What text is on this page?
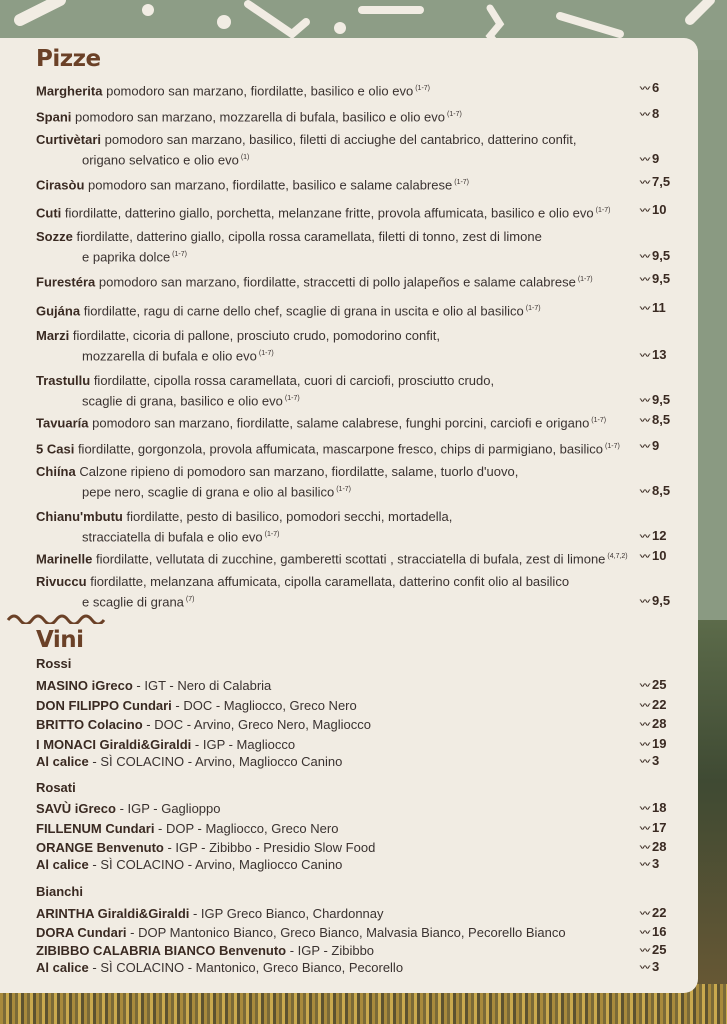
Pizze
Margherita pomodoro san marzano, fiordilatte, basilico e olio evo $^{(1-7)}$	〰 6
Spani pomodoro san marzano, mozzarella di bufala, basilico e olio evo $^{(1-7)}$	〰 8
Curtivètari pomodoro san marzano, basilico, filetti di acciughe del cantabrico, datterino confit,
origano selvatico e olio evo $^{(1)}$	〰 9
Cirasòu pomodoro san marzano, fiordilatte, basilico e salame calabrese $^{(1-7)}$	〰 7,5
Cuti fiordilatte, datterino giallo, porchetta, melanzane fritte, provola affumicata, basilico e olio evo $^{(1-7)}$	〰 10
Sozze fiordilatte, datterino giallo, cipolla rossa caramellata, filetti di tonno, zest di limone
e paprika dolce $^{(1-7)}$	〰 9,5
Furestéra pomodoro san marzano, fiordilatte, straccetti di pollo jalapeños e salame calabrese $^{(1-7)}$	〰 9,5
Gujána fiordilatte, ragu di carne dello chef, scaglie di grana in uscita e olio al basilico $^{(1-7)}$	〰 11
Marzi fiordilatte, cicoria di pallone, prosciuto crudo, pomodorino confit,
mozzarella di bufala e olio evo $^{(1-7)}$	〰 13
Trastullu fiordilatte, cipolla rossa caramellata, cuori di carciofi, prosciutto crudo,
scaglie di grana, basilico e olio evo $^{(1-7)}$	〰 9,5
Tavuaría pomodoro san marzano, fiordilatte, salame calabrese, funghi porcini, carciofi e origano $^{(1-7)}$	〰 8,5
5 Casi fiordilatte, gorgonzola, provola affumicata, mascarpone fresco, chips di parmigiano, basilico $^{(1-7)}$	〰 9
Chiína Calzone ripieno di pomodoro san marzano, fiordilatte, salame, tuorlo d'uovo,
pepe nero, scaglie di grana e olio al basilico $^{(1-7)}$	〰 8,5
Chianu'mbutu fiordilatte, pesto di basilico, pomodori secchi, mortadella,
stracciatella di bufala e olio evo $^{(1-7)}$	〰 12
Marinelle fiordilatte, vellutata di zucchine, gamberetti scottati , stracciatella di bufala, zest di limone $^{(4,7,2)}$	〰 10
Rivuccu fiordilatte, melanzana affumicata, cipolla caramellata, datterino confit olio al basilico
e scaglie di grana $^{(7)}$	〰 9,5
Vini
Rossi
MASINO iGreco - IGT - Nero di Calabria	〰 25
DON FILIPPO Cundari - DOC - Magliocco, Greco Nero	〰 22
BRITTO Colacino - DOC - Arvino, Greco Nero, Magliocco	〰 28
I MONACI Giraldi&Giraldi - IGP - Magliocco	〰 19
Al calice - SÌ COLACINO - Arvino, Magliocco Canino	〰 3
Rosati
SAVÙ iGreco - IGP - Gaglioppo	〰 18
FILLENUM Cundari - DOP - Magliocco, Greco Nero	〰 17
ORANGE Benvenuto - IGP - Zibibbo - Presidio Slow Food	〰 28
Al calice - SÌ COLACINO - Arvino, Magliocco Canino	〰 3
Bianchi
ARINTHA Giraldi&Giraldi - IGP Greco Bianco, Chardonnay	〰 22
DORA Cundari - DOP Mantonico Bianco, Greco Bianco, Malvasia Bianco, Pecorello Bianco	〰 16
ZIBIBBO CALABRIA BIANCO Benvenuto - IGP - Zibibbo	〰 25
Al calice - SÌ COLACINO - Mantonico, Greco Bianco, Pecorello	〰 3
